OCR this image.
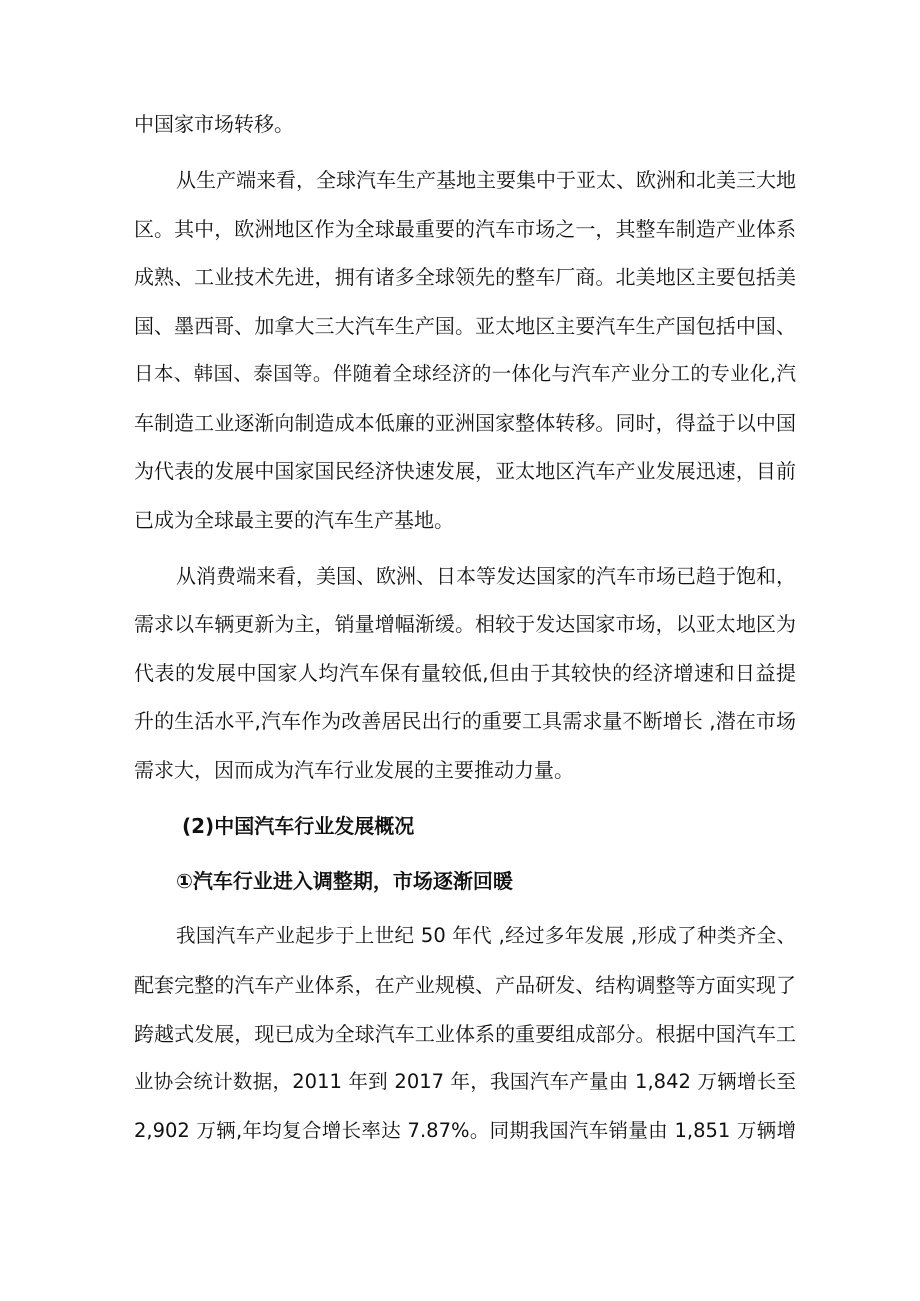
中国家市场转移。
从生产端来看，全球汽车生产基地主要集中于亚太、欧洲和北美三大地
区。其中，欧洲地区作为全球最重要的汽车市场之一，其整车制造产业体系
成熟、工业技术先进，拥有诸多全球领先的整车厂商。北美地区主要包括美
国、墨西哥、加拿大三大汽车生产国。亚太地区主要汽车生产国包括中国、
日本、韩国、泰国等。伴随着全球经济的一体化与汽车产业分工的专业化,汽
车制造工业逐渐向制造成本低廉的亚洲国家整体转移。同时，得益于以中国
为代表的发展中国家国民经济快速发展，亚太地区汽车产业发展迅速，目前
已成为全球最主要的汽车生产基地。
从消费端来看，美国、欧洲、日本等发达国家的汽车市场已趋于饱和，
需求以车辆更新为主，销量增幅渐缓。相较于发达国家市场，以亚太地区为
代表的发展中国家人均汽车保有量较低,但由于其较快的经济增速和日益提
升的生活水平,汽车作为改善居民出行的重要工具需求量不断增长 ,潜在市场
需求大，因而成为汽车行业发展的主要推动力量。
(2)中国汽车行业发展概况
①汽车行业进入调整期，市场逐渐回暖
我国汽车产业起步于上世纪 50 年代 ,经过多年发展 ,形成了种类齐全、
配套完整的汽车产业体系，在产业规模、产品研发、结构调整等方面实现了
跨越式发展，现已成为全球汽车工业体系的重要组成部分。根据中国汽车工
业协会统计数据，2011 年到 2017 年，我国汽车产量由 1,842 万辆增长至
2,902 万辆,年均复合增长率达 7.87%。同期我国汽车销量由 1,851 万辆增
